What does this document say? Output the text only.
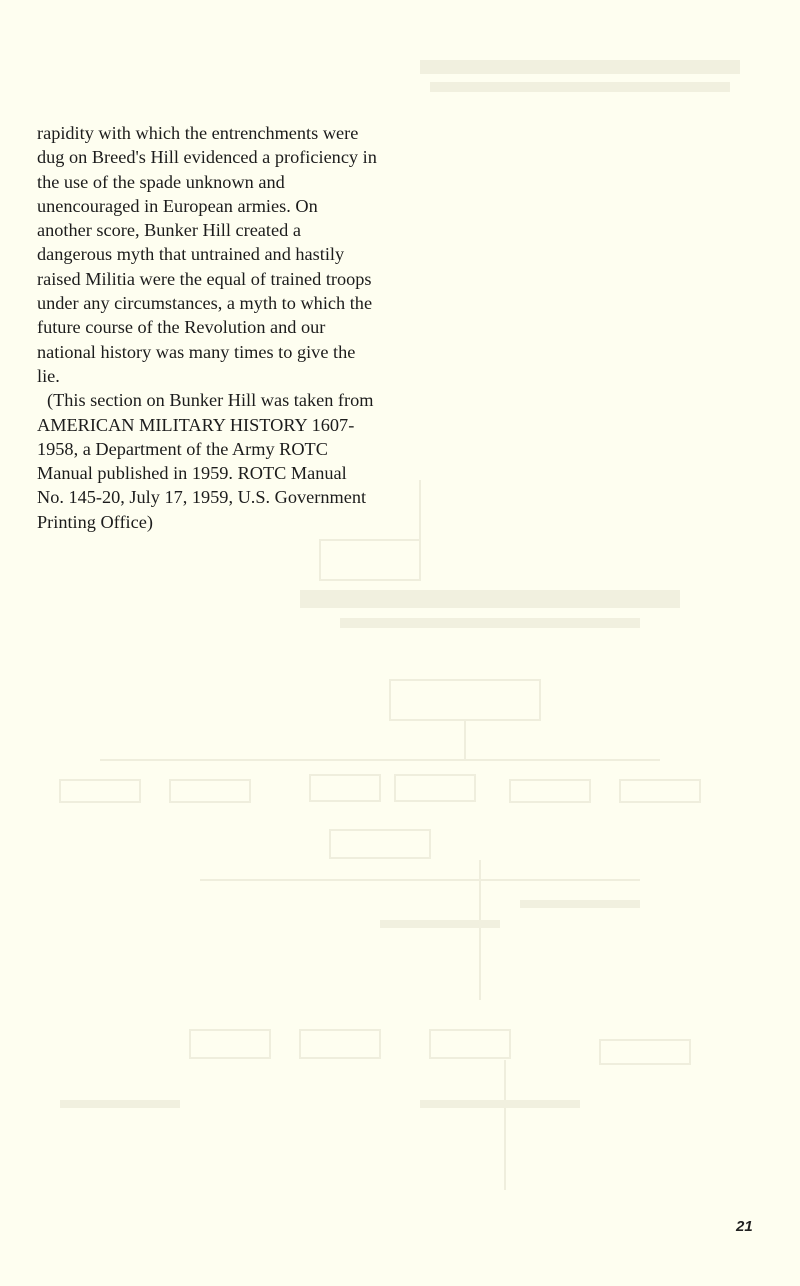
rapidity with which the entrenchments were dug on Breed's Hill evidenced a proficiency in the use of the spade unknown and unencouraged in European armies. On another score, Bunker Hill created a dangerous myth that untrained and hastily raised Militia were the equal of trained troops under any circumstances, a myth to which the future course of the Revolution and our national history was many times to give the lie.

(This section on Bunker Hill was taken from AMERICAN MILITARY HISTORY 1607-1958, a Department of the Army ROTC Manual published in 1959. ROTC Manual No. 145-20, July 17, 1959, U.S. Government Printing Office)

21
